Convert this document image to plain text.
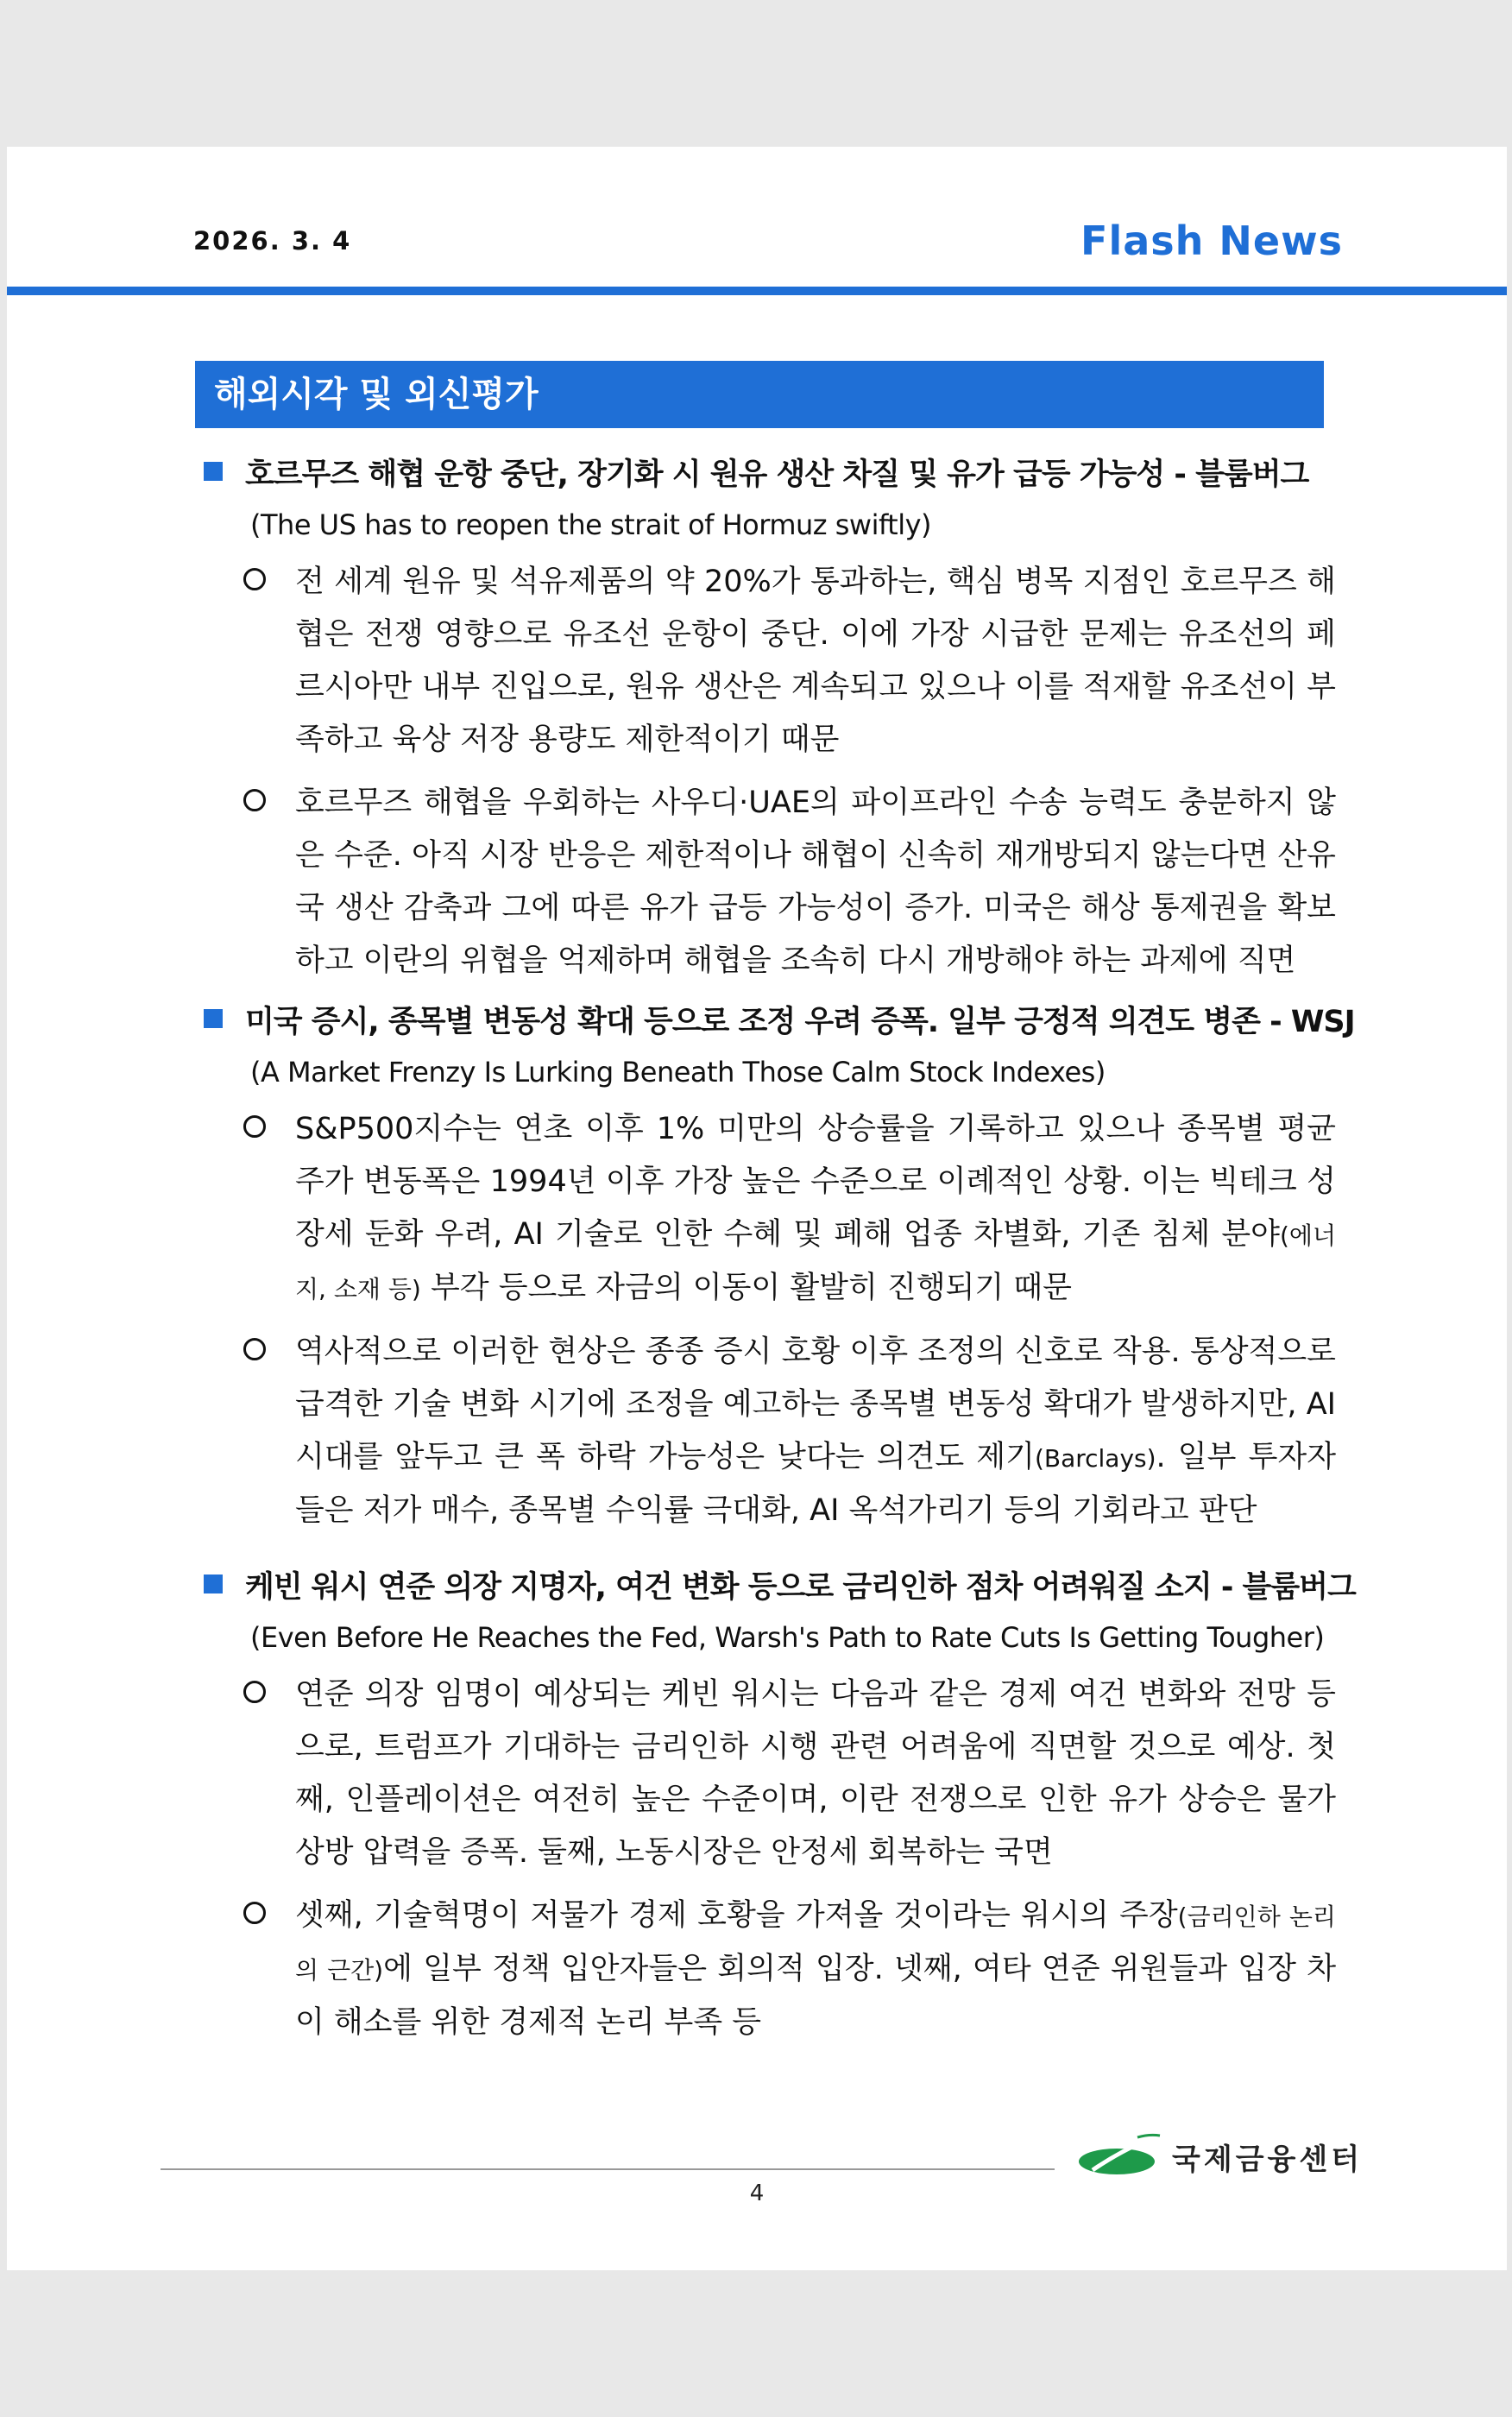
2026. 3. 4	Flash News
해외시각 및 외신평가
호르무즈 해협 운항 중단, 장기화 시 원유 생산 차질 및 유가 급등 가능성 - 블룸버그
(The US has to reopen the strait of Hormuz swiftly)
전 세계 원유 및 석유제품의 약 20%가 통과하는, 핵심 병목 지점인 호르무즈 해협은 전쟁 영향으로 유조선 운항이 중단. 이에 가장 시급한 문제는 유조선의 페르시아만 내부 진입으로, 원유 생산은 계속되고 있으나 이를 적재할 유조선이 부족하고 육상 저장 용량도 제한적이기 때문
호르무즈 해협을 우회하는 사우디·UAE의 파이프라인 수송 능력도 충분하지 않은 수준. 아직 시장 반응은 제한적이나 해협이 신속히 재개방되지 않는다면 산유국 생산 감축과 그에 따른 유가 급등 가능성이 증가. 미국은 해상 통제권을 확보하고 이란의 위협을 억제하며 해협을 조속히 다시 개방해야 하는 과제에 직면
미국 증시, 종목별 변동성 확대 등으로 조정 우려 증폭. 일부 긍정적 의견도 병존 - WSJ
(A Market Frenzy Is Lurking Beneath Those Calm Stock Indexes)
S&P500지수는 연초 이후 1% 미만의 상승률을 기록하고 있으나 종목별 평균 주가 변동폭은 1994년 이후 가장 높은 수준으로 이례적인 상황. 이는 빅테크 성장세 둔화 우려, AI 기술로 인한 수혜 및 폐해 업종 차별화, 기존 침체 분야(에너지, 소재 등) 부각 등으로 자금의 이동이 활발히 진행되기 때문
역사적으로 이러한 현상은 종종 증시 호황 이후 조정의 신호로 작용. 통상적으로 급격한 기술 변화 시기에 조정을 예고하는 종목별 변동성 확대가 발생하지만, AI 시대를 앞두고 큰 폭 하락 가능성은 낮다는 의견도 제기(Barclays). 일부 투자자들은 저가 매수, 종목별 수익률 극대화, AI 옥석가리기 등의 기회라고 판단
케빈 워시 연준 의장 지명자, 여건 변화 등으로 금리인하 점차 어려워질 소지 - 블룸버그
(Even Before He Reaches the Fed, Warsh's Path to Rate Cuts Is Getting Tougher)
연준 의장 임명이 예상되는 케빈 워시는 다음과 같은 경제 여건 변화와 전망 등으로, 트럼프가 기대하는 금리인하 시행 관련 어려움에 직면할 것으로 예상. 첫째, 인플레이션은 여전히 높은 수준이며, 이란 전쟁으로 인한 유가 상승은 물가 상방 압력을 증폭. 둘째, 노동시장은 안정세 회복하는 국면
셋째, 기술혁명이 저물가 경제 호황을 가져올 것이라는 워시의 주장(금리인하 논리의 근간)에 일부 정책 입안자들은 회의적 입장. 넷째, 여타 연준 위원들과 입장 차이 해소를 위한 경제적 논리 부족 등
국제금융센터
4
